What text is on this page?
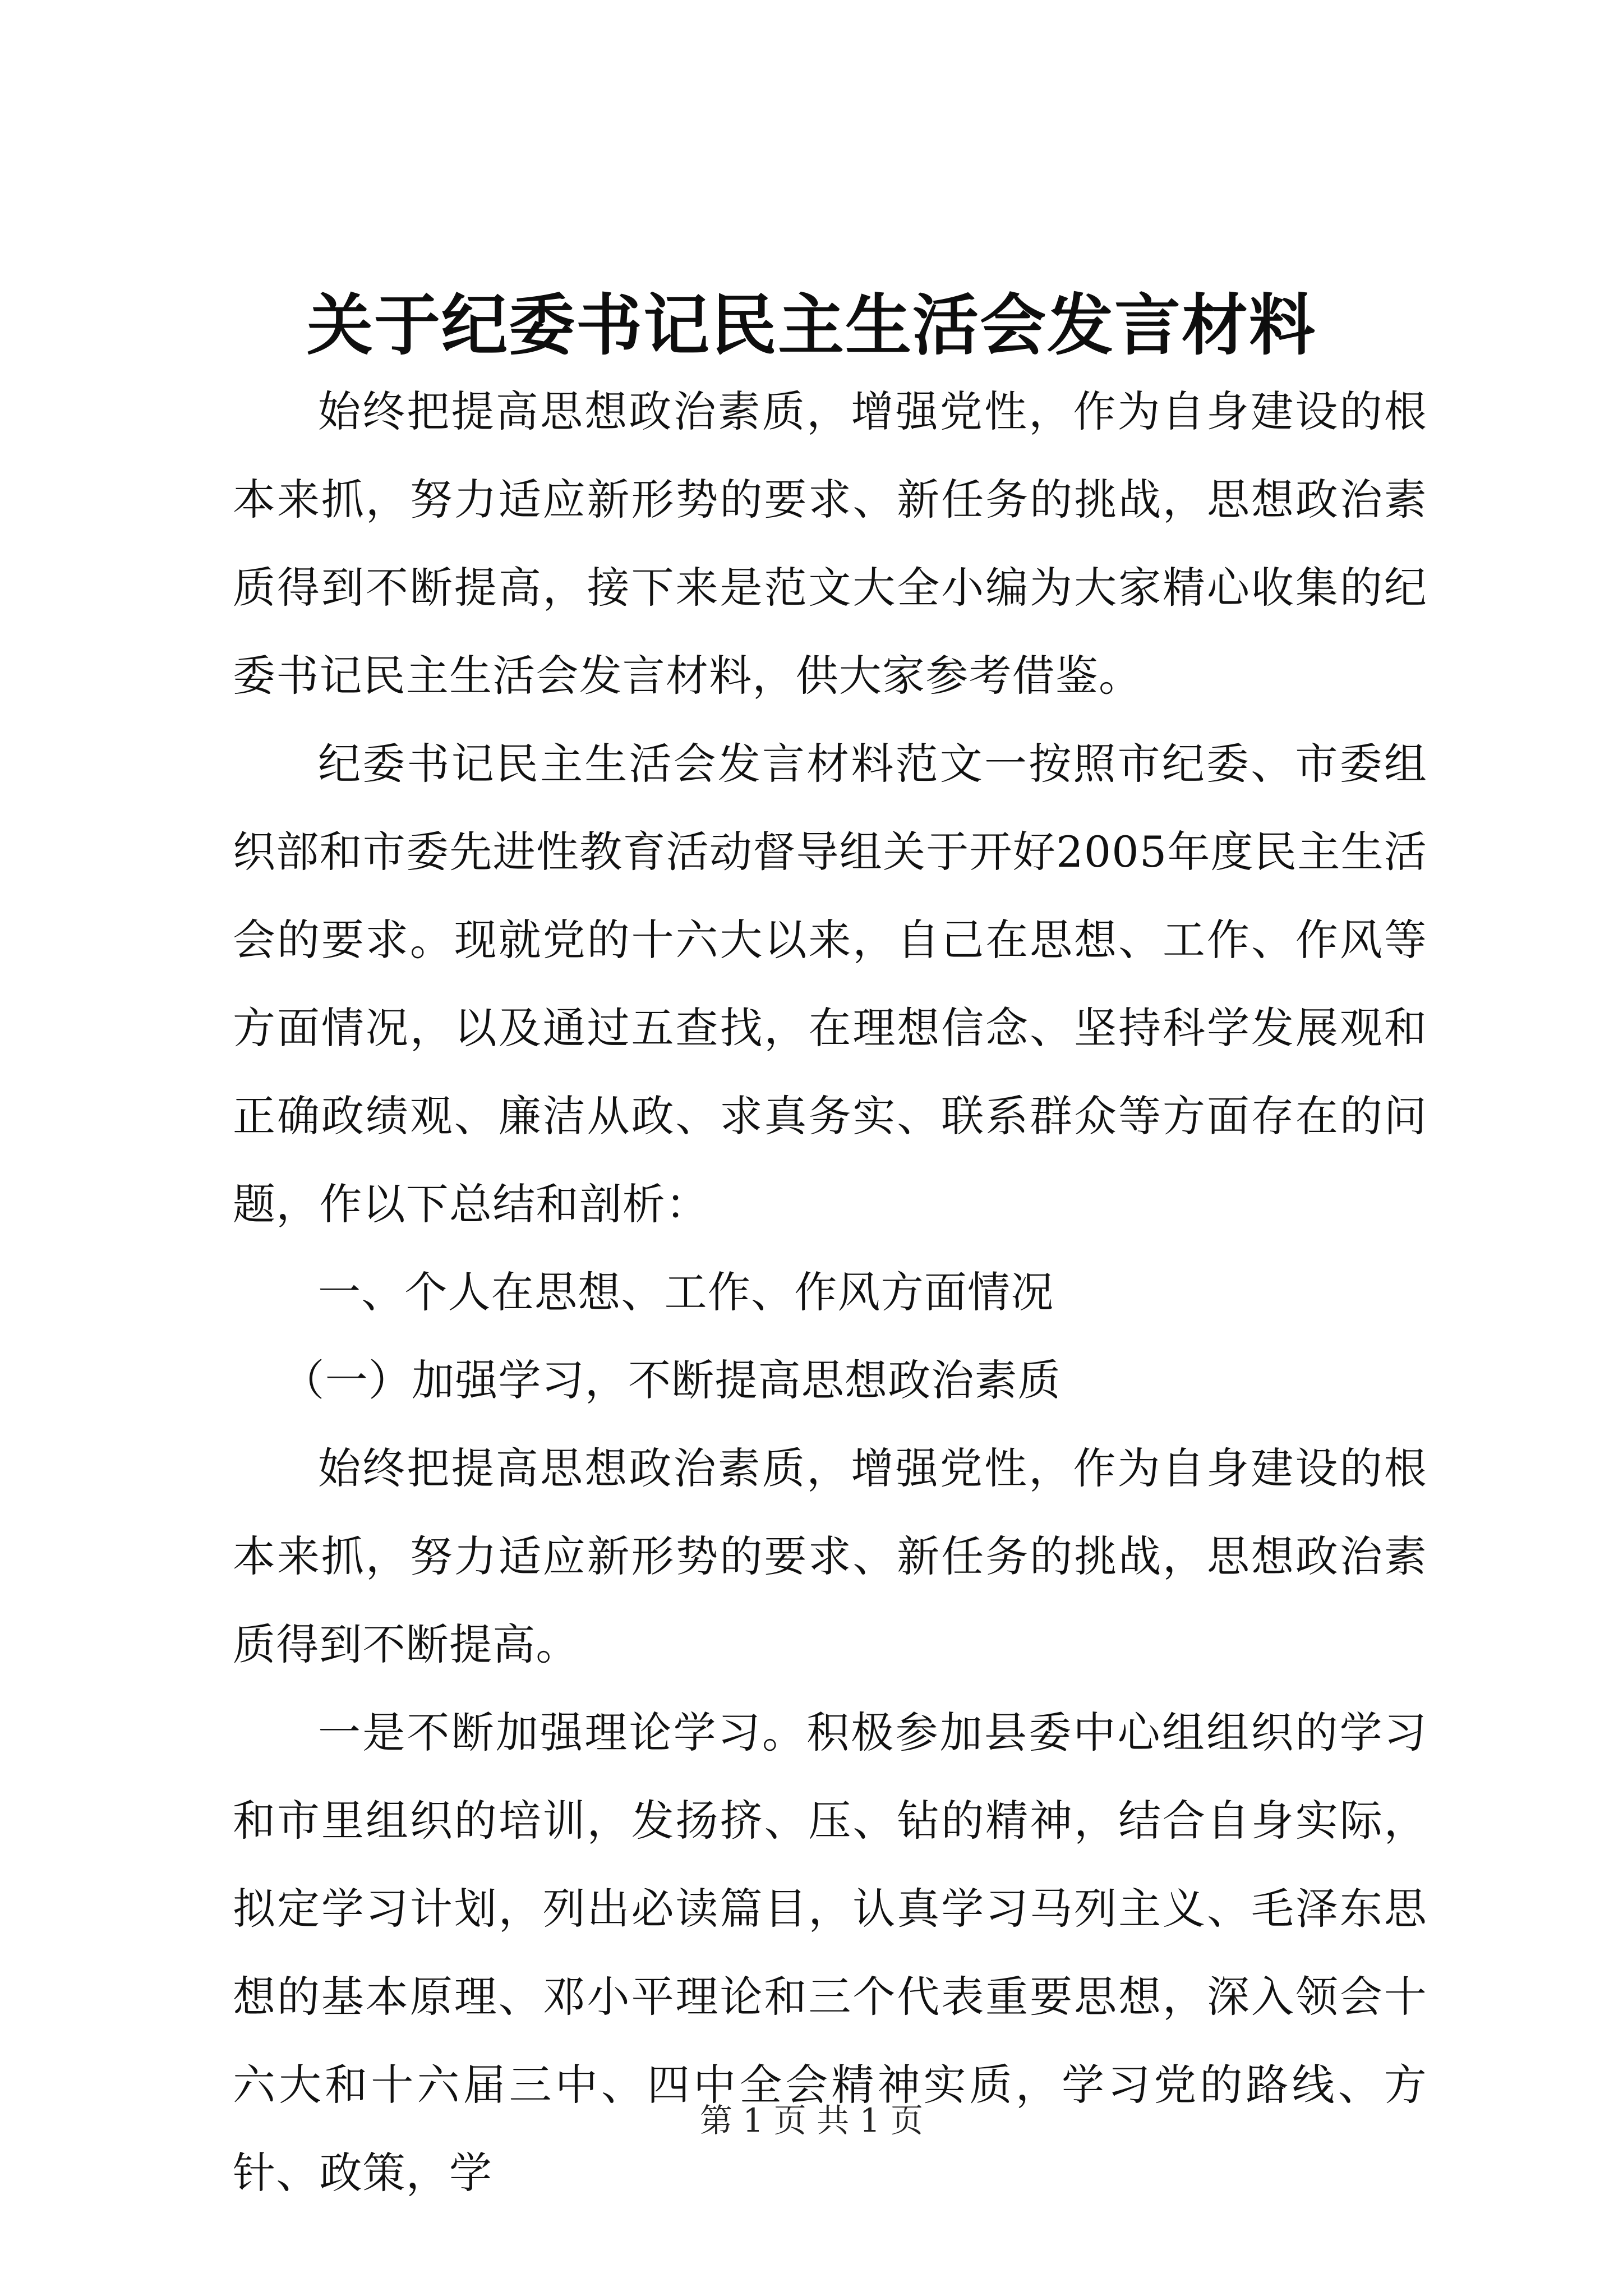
关于纪委书记民主生活会发言材料

始终把提高思想政治素质，增强党性，作为自身建设的根本来抓，努力适应新形势的要求、新任务的挑战，思想政治素质得到不断提高，接下来是范文大全小编为大家精心收集的纪委书记民主生活会发言材料，供大家参考借鉴。

纪委书记民主生活会发言材料范文一按照市纪委、市委组织部和市委先进性教育活动督导组关于开好2005年度民主生活会的要求。现就党的十六大以来，自己在思想、工作、作风等方面情况，以及通过五查找，在理想信念、坚持科学发展观和正确政绩观、廉洁从政、求真务实、联系群众等方面存在的问题，作以下总结和剖析：

一、个人在思想、工作、作风方面情况

（一）加强学习，不断提高思想政治素质

始终把提高思想政治素质，增强党性，作为自身建设的根本来抓，努力适应新形势的要求、新任务的挑战，思想政治素质得到不断提高。

一是不断加强理论学习。积极参加县委中心组组织的学习和市里组织的培训，发扬挤、压、钻的精神，结合自身实际，拟定学习计划，列出必读篇目，认真学习马列主义、毛泽东思想的基本原理、邓小平理论和三个代表重要思想，深入领会十六大和十六届三中、四中全会精神实质，学习党的路线、方针、政策，学

第 1 页 共 1 页
